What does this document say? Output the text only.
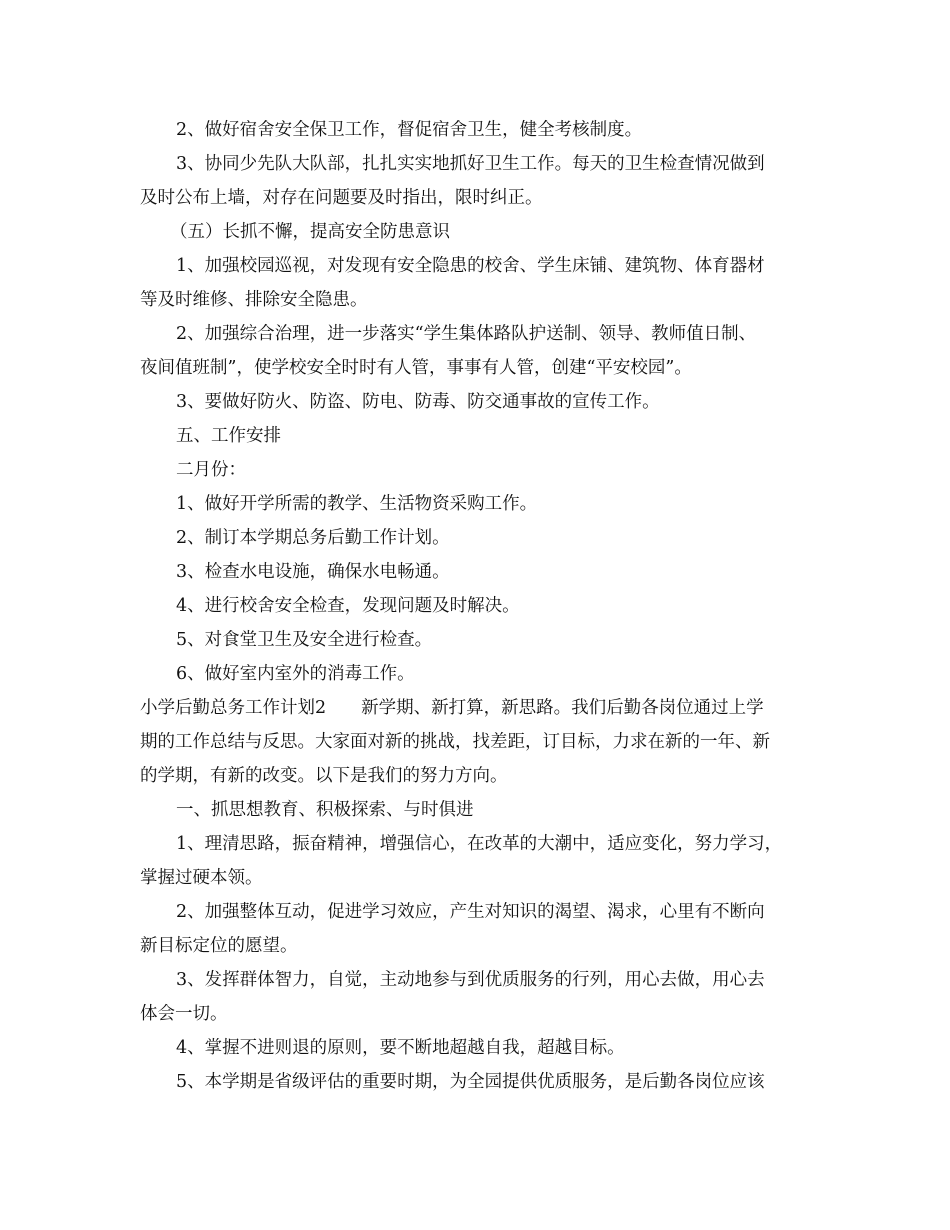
2、做好宿舍安全保卫工作，督促宿舍卫生，健全考核制度。
3、协同少先队大队部，扎扎实实地抓好卫生工作。每天的卫生检查情况做到
及时公布上墙，对存在问题要及时指出，限时纠正。
（五）长抓不懈，提高安全防患意识
1、加强校园巡视，对发现有安全隐患的校舍、学生床铺、建筑物、体育器材
等及时维修、排除安全隐患。
2、加强综合治理，进一步落实“学生集体路队护送制、领导、教师值日制、
夜间值班制”，使学校安全时时有人管，事事有人管，创建“平安校园”。
3、要做好防火、防盗、防电、防毒、防交通事故的宣传工作。
五、工作安排
二月份：
1、做好开学所需的教学、生活物资采购工作。
2、制订本学期总务后勤工作计划。
3、检查水电设施，确保水电畅通。
4、进行校舍安全检查，发现问题及时解决。
5、对食堂卫生及安全进行检查。
6、做好室内室外的消毒工作。
小学后勤总务工作计划2　　新学期、新打算，新思路。我们后勤各岗位通过上学
期的工作总结与反思。大家面对新的挑战，找差距，订目标，力求在新的一年、新
的学期，有新的改变。以下是我们的努力方向。
一、抓思想教育、积极探索、与时俱进
1、理清思路，振奋精神，增强信心，在改革的大潮中，适应变化，努力学习，
掌握过硬本领。
2、加强整体互动，促进学习效应，产生对知识的渴望、渴求，心里有不断向
新目标定位的愿望。
3、发挥群体智力，自觉，主动地参与到优质服务的行列，用心去做，用心去
体会一切。
4、掌握不进则退的原则，要不断地超越自我，超越目标。
5、本学期是省级评估的重要时期，为全园提供优质服务，是后勤各岗位应该
